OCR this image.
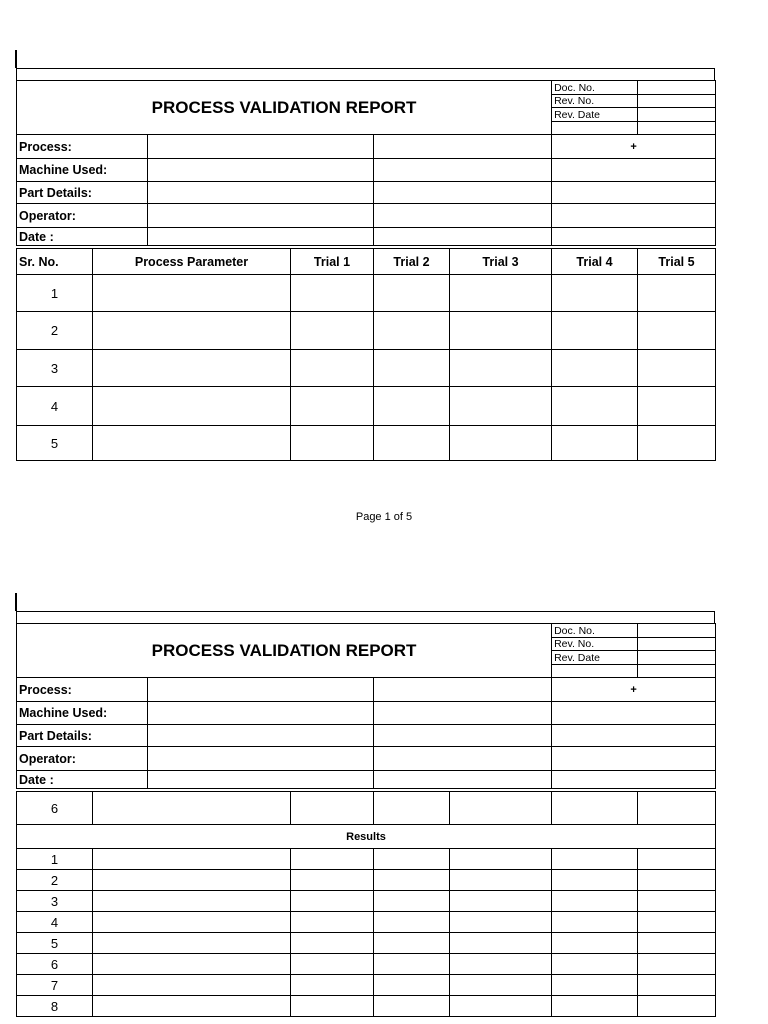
PROCESS VALIDATION REPORT			Doc. No.	
			Rev. No.	
			Rev. Date	

Process:			+	
Machine Used:				
Part Details:				
Operator:				
Date :				
Sr. No.	Process Parameter	Trial 1	Trial 2	Trial 3	Trial 4	Trial 5
1						
2						
3						
4						
5						
Page 1 of 5
PROCESS VALIDATION REPORT			Doc. No.	
			Rev. No.	
			Rev. Date	

Process:			+	
Machine Used:				
Part Details:				
Operator:				
Date :				
6						
Results						
1						
2						
3						
4						
5						
6						
7						
8						
